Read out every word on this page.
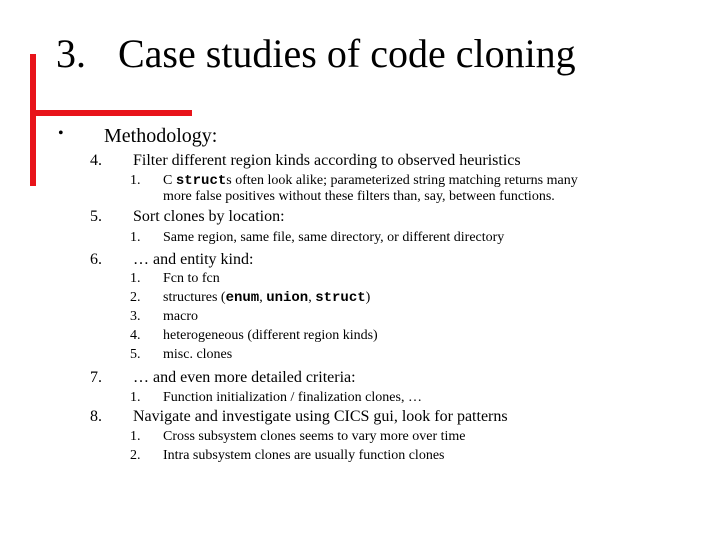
3. Case studies of code cloning
• Methodology:
4. Filter different region kinds according to observed heuristics
1. C structs often look alike; parameterized string matching returns many
more false positives without these filters than, say, between functions.
5. Sort clones by location:
1. Same region, same file, same directory, or different directory
6. … and entity kind:
1. Fcn to fcn
2. structures (enum, union, struct)
3. macro
4. heterogeneous (different region kinds)
5. misc. clones
7. … and even more detailed criteria:
1. Function initialization / finalization clones, …
8. Navigate and investigate using CICS gui, look for patterns
1. Cross subsystem clones seems to vary more over time
2. Intra subsystem clones are usually function clones
